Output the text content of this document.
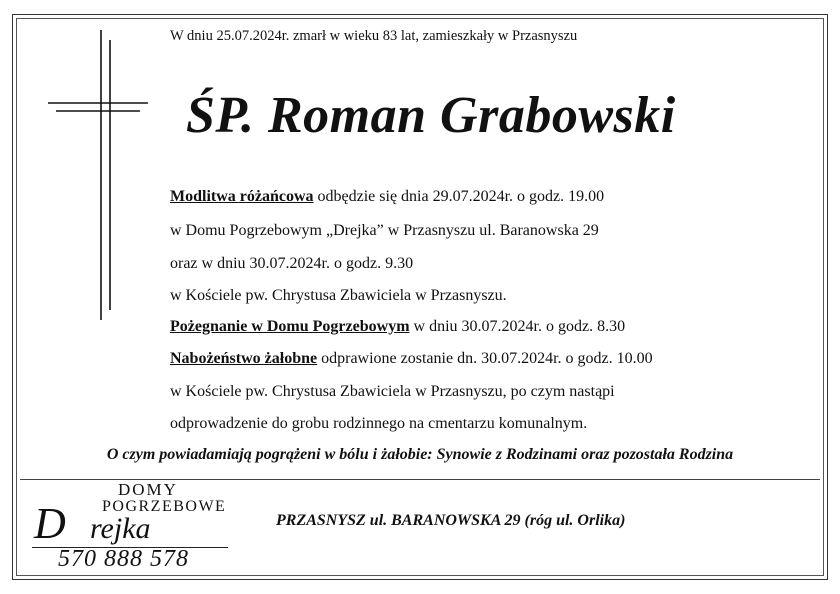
W dniu 25.07.2024r. zmarł w wieku 83 lat, zamieszkały w Przasnyszu
ŚP. Roman Grabowski
Modlitwa różańcowa odbędzie się dnia 29.07.2024r. o godz. 19.00
w Domu Pogrzebowym „Drejka” w Przasnyszu ul. Baranowska 29
oraz w dniu 30.07.2024r. o godz. 9.30
w Kościele pw. Chrystusa Zbawiciela w Przasnyszu.
Pożegnanie w Domu Pogrzebowym w dniu 30.07.2024r. o godz. 8.30
Nabożeństwo żałobne odprawione zostanie dn. 30.07.2024r. o godz. 10.00
w Kościele pw. Chrystusa Zbawiciela w Przasnyszu, po czym nastąpi
odprowadzenie do grobu rodzinnego na cmentarzu komunalnym.
O czym powiadamiają pogrążeni w bólu i żałobie: Synowie z Rodzinami oraz pozostała Rodzina
DOMY
POGRZEBOWE
D rejka
570 888 578
PRZASNYSZ ul. BARANOWSKA 29 (róg ul. Orlika)
